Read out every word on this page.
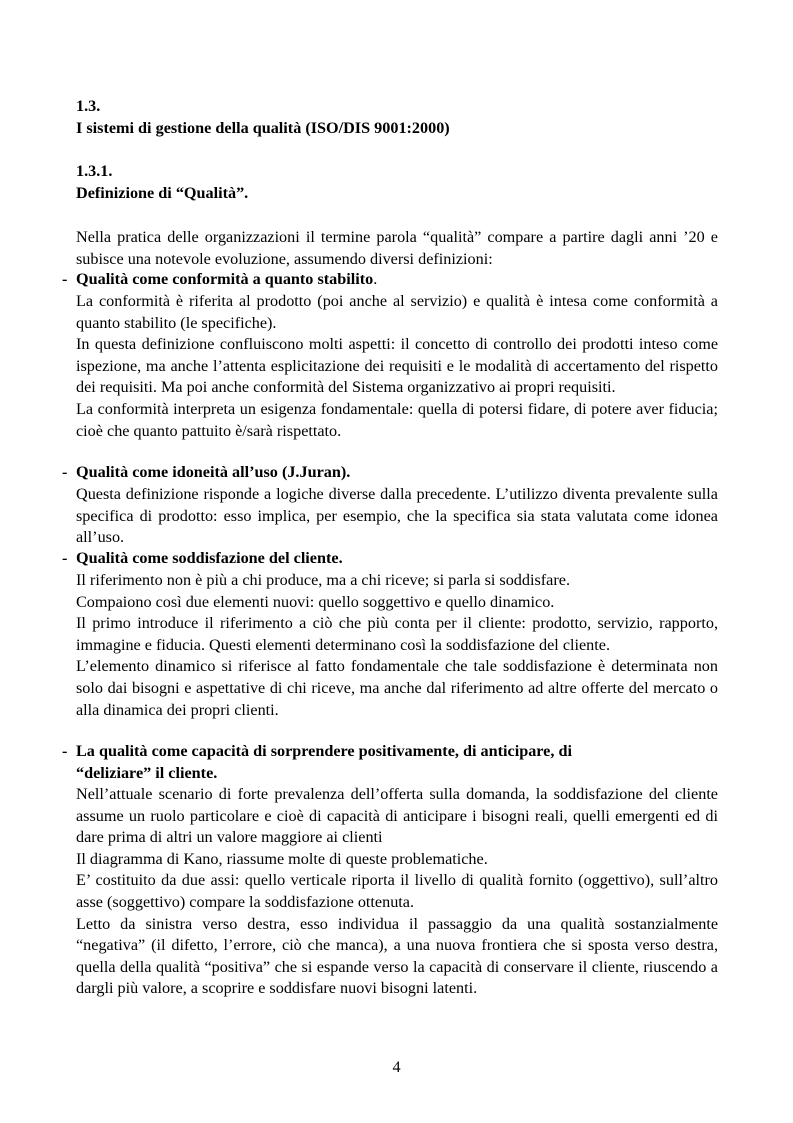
1.3.
I sistemi di gestione della qualità (ISO/DIS 9001:2000)
1.3.1.
Definizione di “Qualità”.

Nella pratica delle organizzazioni il termine parola “qualità” compare a partire dagli anni ’20 e subisce una notevole evoluzione, assumendo diversi definizioni:

- Qualità come conformità a quanto stabilito.

La conformità è riferita al prodotto (poi anche al servizio) e qualità è intesa come conformità a quanto stabilito (le specifiche).

In questa definizione confluiscono molti aspetti: il concetto di controllo dei prodotti inteso come ispezione, ma anche l’attenta esplicitazione dei requisiti e le modalità di accertamento del rispetto dei requisiti. Ma poi anche conformità del Sistema organizzativo ai propri requisiti.

La conformità interpreta un esigenza fondamentale: quella di potersi fidare, di potere aver fiducia; cioè che quanto pattuito è/sarà rispettato.

- Qualità come idoneità all’uso (J.Juran).

Questa definizione risponde a logiche diverse dalla precedente. L’utilizzo diventa prevalente sulla specifica di prodotto: esso implica, per esempio, che la specifica sia stata valutata come idonea all’uso.

- Qualità come soddisfazione del cliente.

Il riferimento non è più a chi produce, ma a chi riceve; si parla si soddisfare.

Compaiono così due elementi nuovi: quello soggettivo e quello dinamico.

Il primo introduce il riferimento a ciò che più conta per il cliente: prodotto, servizio, rapporto, immagine e fiducia. Questi elementi determinano così la soddisfazione del cliente.

L’elemento dinamico si riferisce al fatto fondamentale che tale soddisfazione è determinata non solo dai bisogni e aspettative di chi riceve, ma anche dal riferimento ad altre offerte del mercato o alla dinamica dei propri clienti.

- La qualità come capacità di sorprendere positivamente, di anticipare, di

“deliziare” il cliente.

Nell’attuale scenario di forte prevalenza dell’offerta sulla domanda, la soddisfazione del cliente assume un ruolo particolare e cioè di capacità di anticipare i bisogni reali, quelli emergenti ed di dare prima di altri un valore maggiore ai clienti

Il diagramma di Kano, riassume molte di queste problematiche.

E’ costituito da due assi: quello verticale riporta il livello di qualità fornito (oggettivo), sull’altro asse (soggettivo) compare la soddisfazione ottenuta.

Letto da sinistra verso destra, esso individua il passaggio da una qualità sostanzialmente “negativa” (il difetto, l’errore, ciò che manca), a una nuova frontiera che si sposta verso destra, quella della qualità “positiva” che si espande verso la capacità di conservare il cliente, riuscendo a dargli più valore, a scoprire e soddisfare nuovi bisogni latenti.

4
